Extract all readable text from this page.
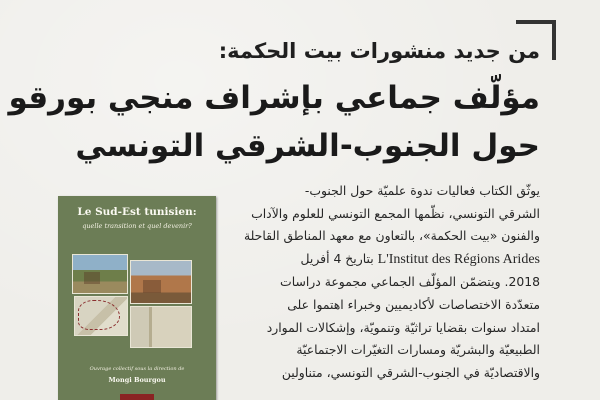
من جديد منشورات بيت الحكمة:
مؤلّف جماعي بإشراف منجي بورقو
حول الجنوب-الشرقي التونسي
Le Sud-Est tunisien:
quelle transition et quel devenir?
Ouvrage collectif sous la direction de
Mongi Bourgou
يوثّق الكتاب فعاليات ندوة علميّة حول الجنوب-
الشرقي التونسي، نظّمها المجمع التونسي للعلوم والآداب
والفنون «بيت الحكمة»، بالتعاون مع معهد المناطق القاحلة
L'Institut des Régions Arides بتاريخ 4 أفريل
2018. ويتضمّن المؤلّف الجماعي مجموعة دراسات
متعدّدة الاختصاصات لأكاديميين وخبراء اهتموا على
امتداد سنوات بقضايا تراثيّة وتنمويّة، وإشكالات الموارد
الطبيعيّة والبشريّة ومسارات التغيّرات الاجتماعيّة
والاقتصاديّة في الجنوب-الشرقي التونسي، متناولين
